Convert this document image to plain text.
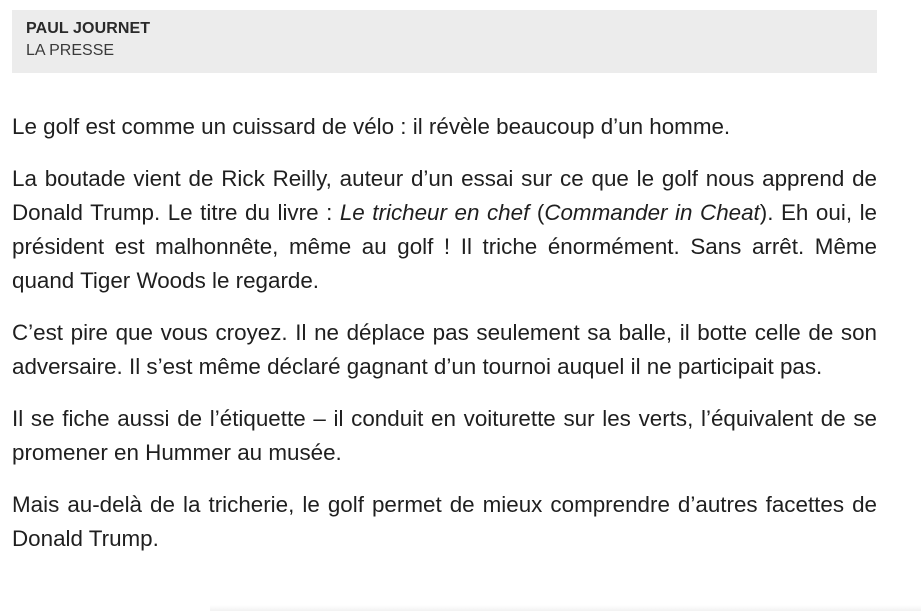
PAUL JOURNET
LA PRESSE

Le golf est comme un cuissard de vélo : il révèle beaucoup d’un homme.

La boutade vient de Rick Reilly, auteur d’un essai sur ce que le golf nous apprend de Donald Trump. Le titre du livre : Le tricheur en chef (Commander in Cheat). Eh oui, le président est malhonnête, même au golf ! Il triche énormément. Sans arrêt. Même quand Tiger Woods le regarde.

C’est pire que vous croyez. Il ne déplace pas seulement sa balle, il botte celle de son adversaire. Il s’est même déclaré gagnant d’un tournoi auquel il ne participait pas.

Il se fiche aussi de l’étiquette – il conduit en voiturette sur les verts, l’équivalent de se promener en Hummer au musée.

Mais au-delà de la tricherie, le golf permet de mieux comprendre d’autres facettes de Donald Trump.
